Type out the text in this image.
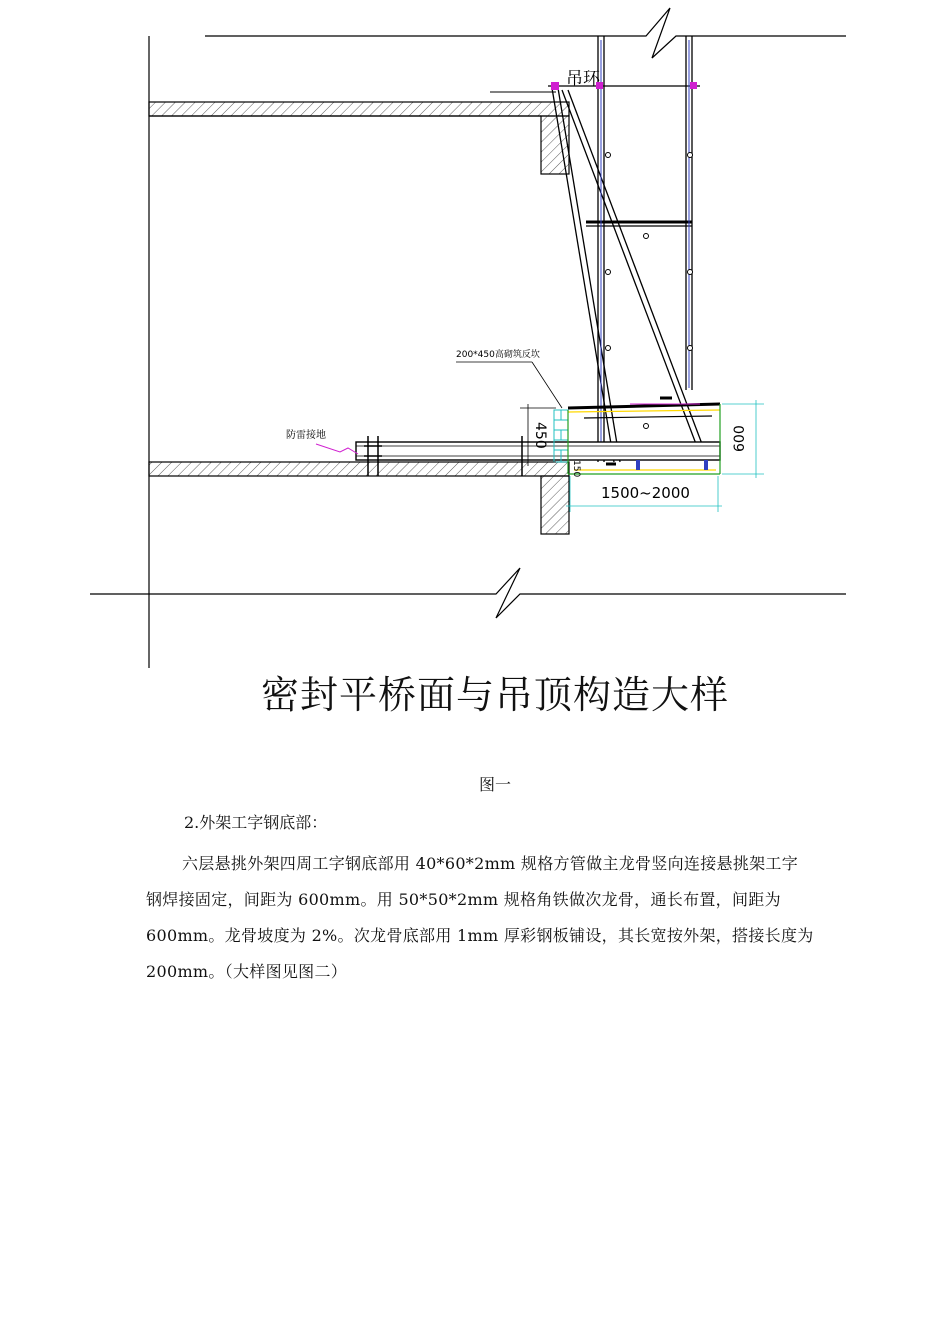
吊环
200*450高砌筑反坎
防雷接地	450
150
600
1500~2000
密封平桥面与吊顶构造大样
图一
2.外架工字钢底部：

六层悬挑外架四周工字钢底部用 40*60*2mm 规格方管做主龙骨竖向连接悬挑架工字钢焊接固定，间距为 600mm。用 50*50*2mm 规格角铁做次龙骨，通长布置，间距为 600mm。龙骨坡度为 2%。次龙骨底部用 1mm 厚彩钢板铺设，其长宽按外架，搭接长度为 200mm。（大样图见图二）
